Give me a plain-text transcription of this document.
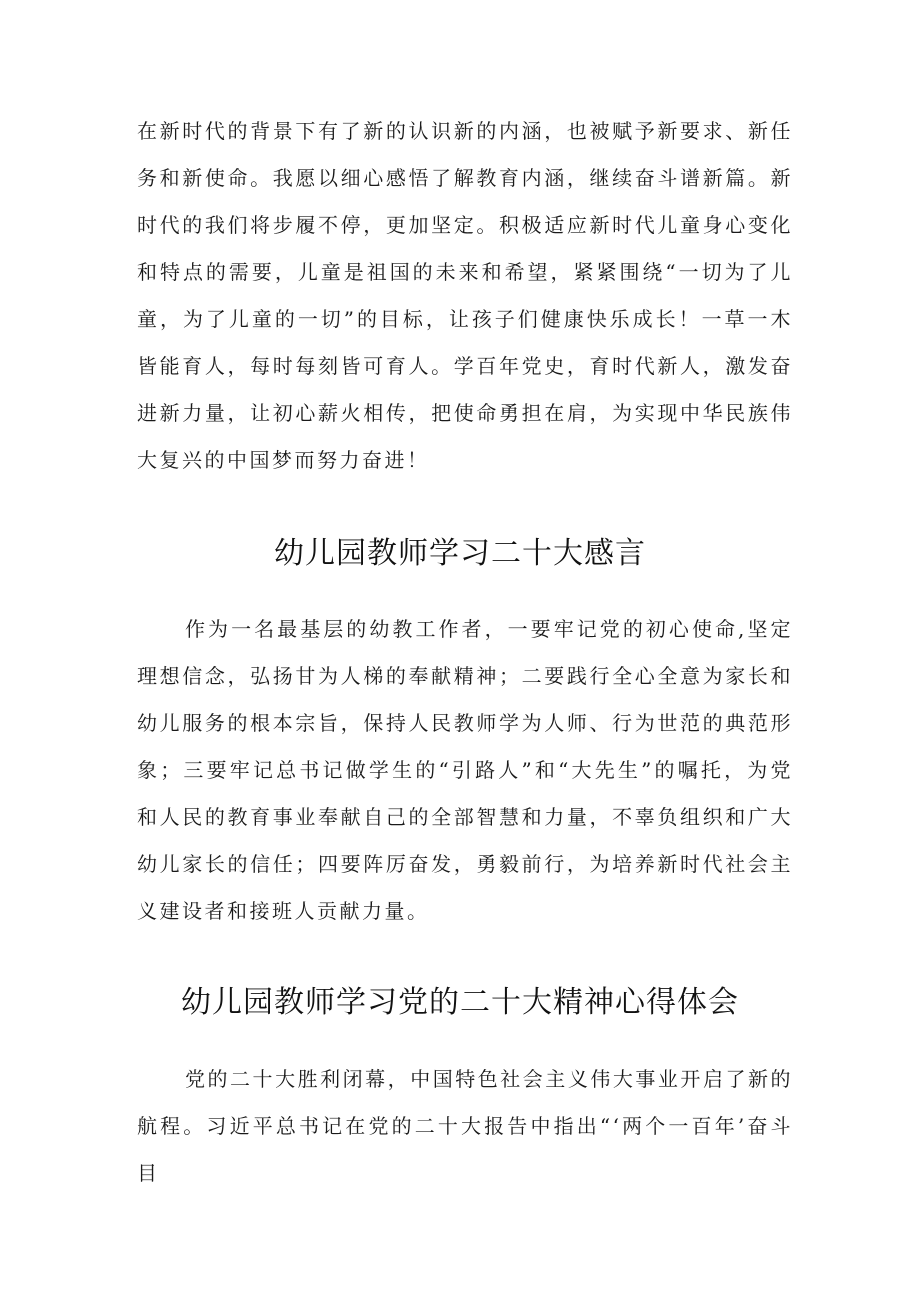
在新时代的背景下有了新的认识新的内涵，也被赋予新要求、新任务和新使命。我愿以细心感悟了解教育内涵，继续奋斗谱新篇。新时代的我们将步履不停，更加坚定。积极适应新时代儿童身心变化和特点的需要，儿童是祖国的未来和希望，紧紧围绕“一切为了儿童，为了儿童的一切”的目标，让孩子们健康快乐成长！一草一木皆能育人，每时每刻皆可育人。学百年党史，育时代新人，激发奋进新力量，让初心薪火相传，把使命勇担在肩，为实现中华民族伟大复兴的中国梦而努力奋进！

幼儿园教师学习二十大感言

作为一名最基层的幼教工作者，一要牢记党的初心使命,坚定理想信念，弘扬甘为人梯的奉献精神；二要践行全心全意为家长和幼儿服务的根本宗旨，保持人民教师学为人师、行为世范的典范形象；三要牢记总书记做学生的“引路人”和“大先生”的嘱托，为党和人民的教育事业奉献自己的全部智慧和力量，不辜负组织和广大幼儿家长的信任；四要阵厉奋发，勇毅前行，为培养新时代社会主义建设者和接班人贡献力量。

幼儿园教师学习党的二十大精神心得体会

党的二十大胜利闭幕，中国特色社会主义伟大事业开启了新的航程。习近平总书记在党的二十大报告中指出“‘两个一百年’奋斗目
